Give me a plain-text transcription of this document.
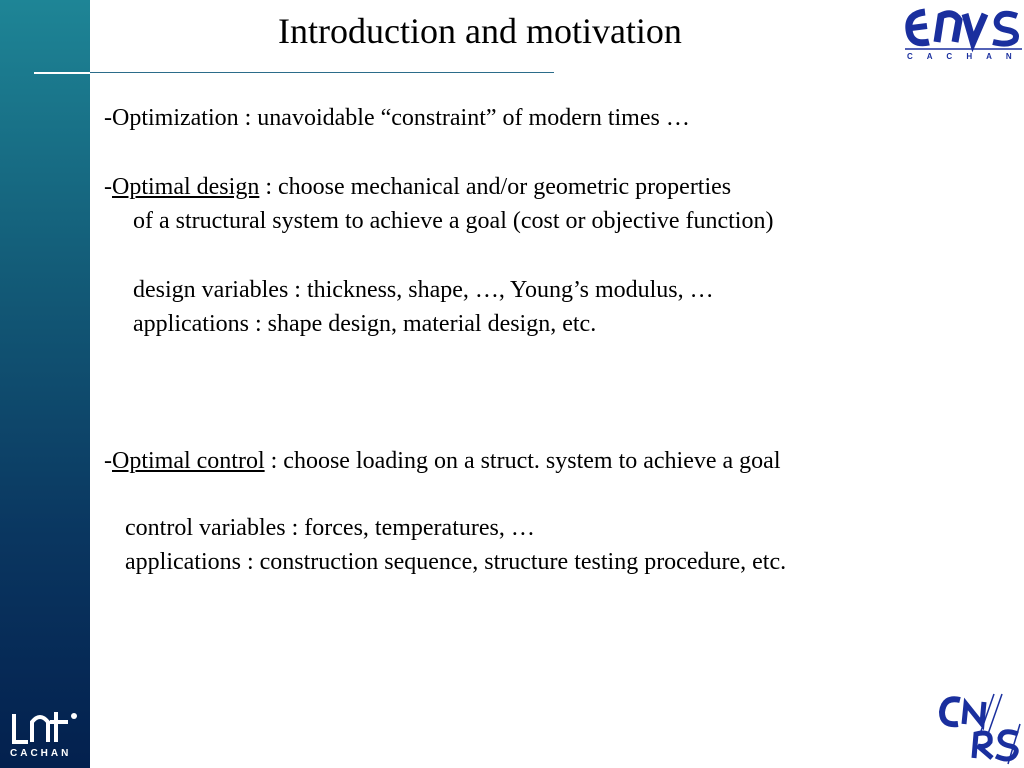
CACHAN
Introduction and motivation
C A C H A N
-Optimization : unavoidable “constraint” of modern times …
-Optimal design : choose mechanical and/or geometric properties
of a structural system to achieve a goal (cost or objective function)
design variables : thickness, shape, …, Young’s modulus, …
applications : shape design, material design, etc.
-Optimal control : choose loading on a struct. system to achieve a goal
control variables : forces, temperatures, …
applications : construction sequence, structure testing procedure, etc.
